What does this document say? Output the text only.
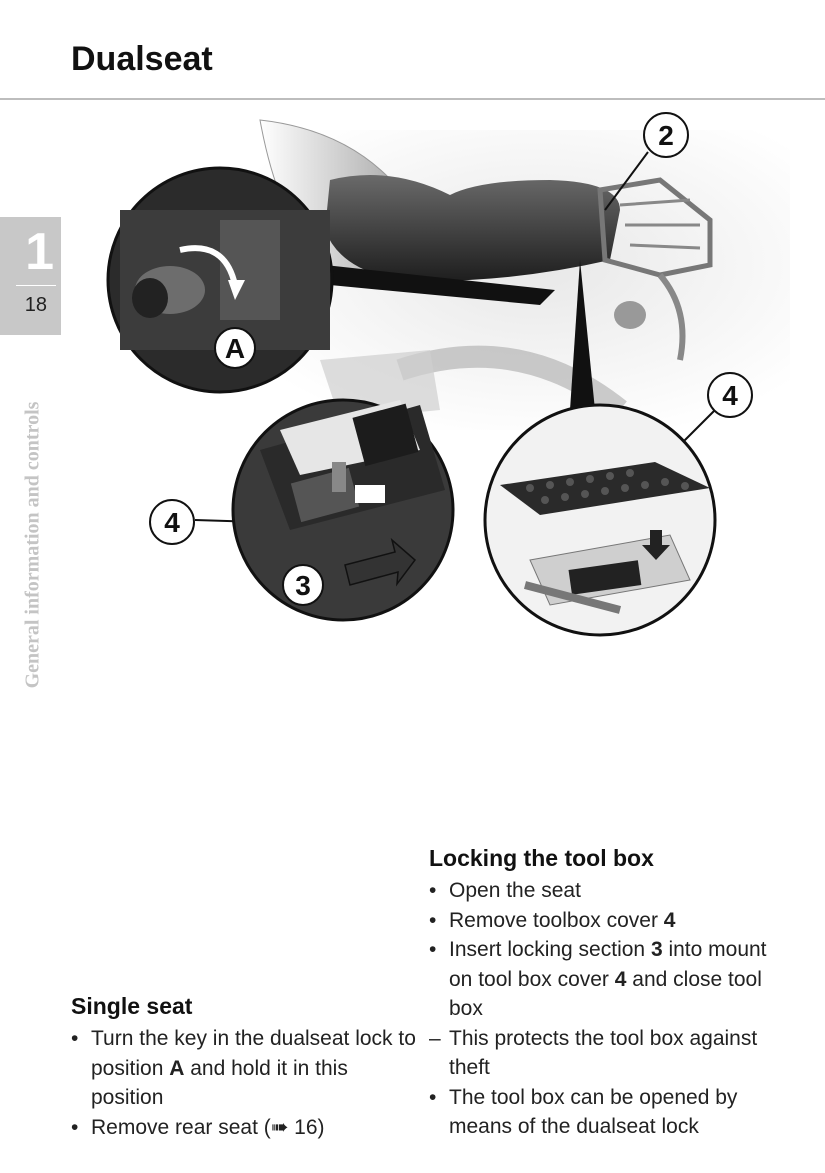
Dualseat
1
18
General information and controls
A
2
3
4
4
Single seat
• Turn the key in the dualseat lock to position A and hold it in this position
• Remove rear seat (➠ 16)
Locking the tool box
• Open the seat
• Remove toolbox cover 4
• Insert locking section 3 into mount on tool box cover 4 and close tool box
– This protects the tool box against theft
• The tool box can be opened by means of the dualseat lock
